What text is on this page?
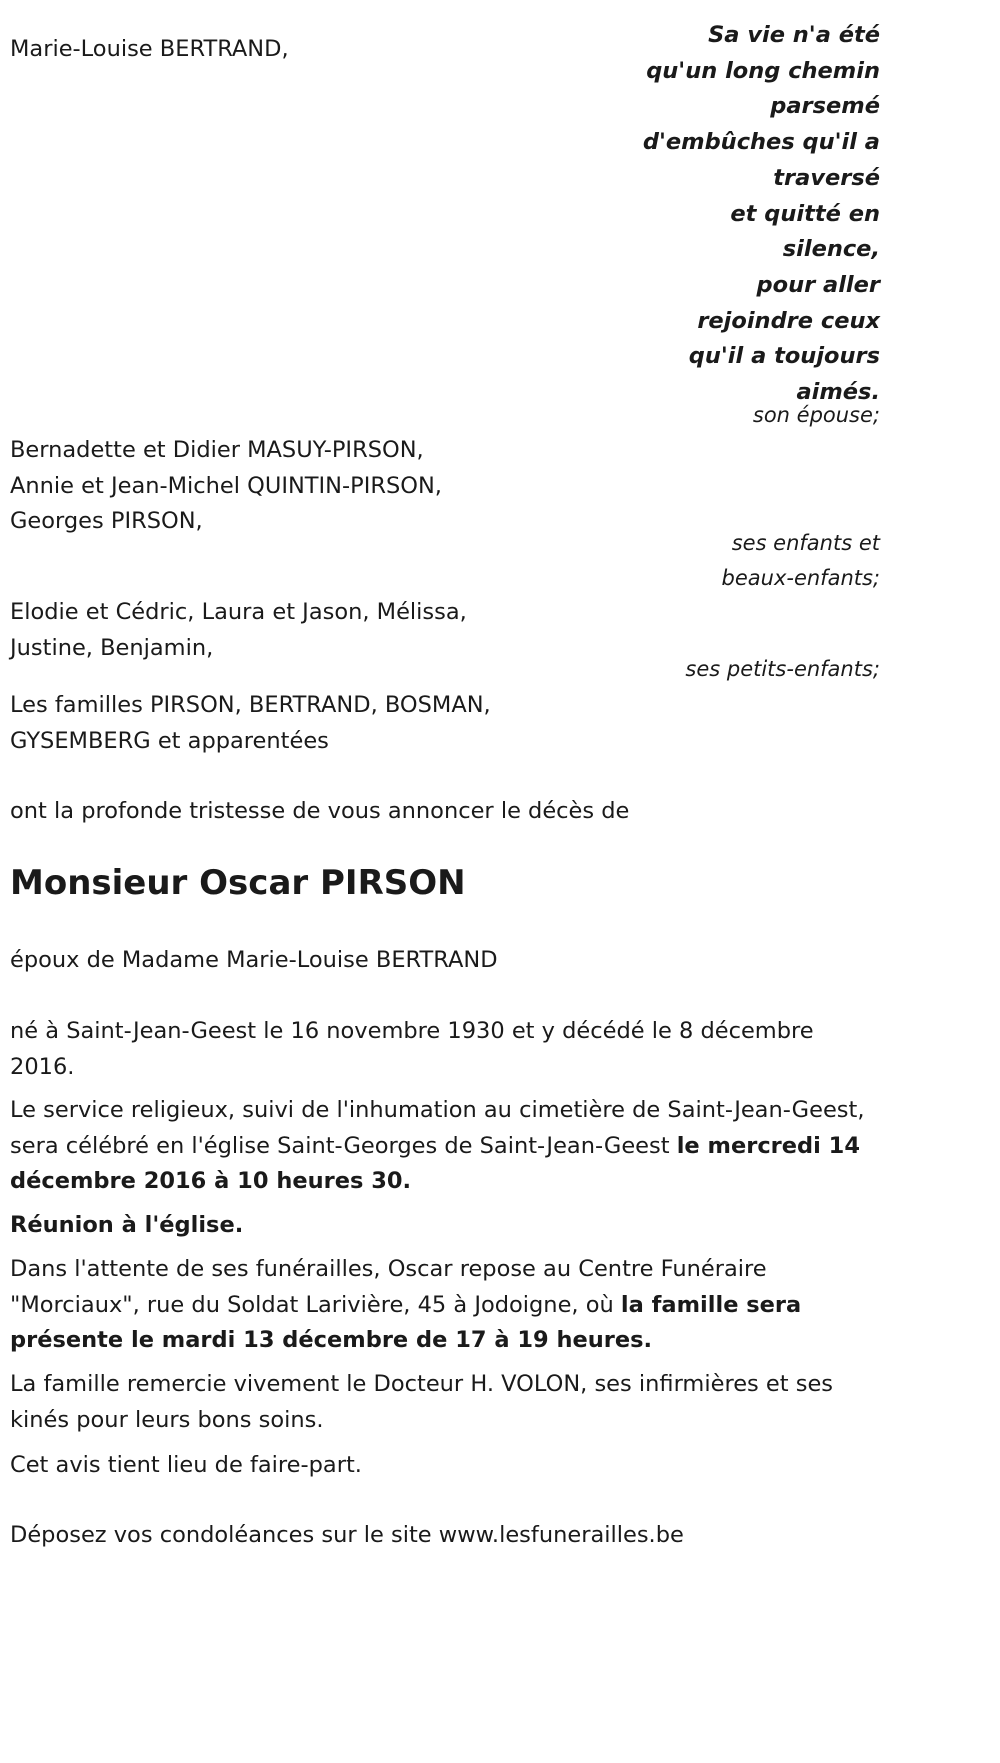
Sa vie n'a été
qu'un long chemin
parsemé
d'embûches qu'il a
traversé
et quitté en
silence,
pour aller
rejoindre ceux
qu'il a toujours
aimés.

Marie-Louise BERTRAND,

son épouse;

Bernadette et Didier MASUY-PIRSON,

Annie et Jean-Michel QUINTIN-PIRSON,

Georges PIRSON,

ses enfants et

beaux-enfants;

Elodie et Cédric, Laura et Jason, Mélissa,

Justine, Benjamin,

ses petits-enfants;

Les familles PIRSON, BERTRAND, BOSMAN,

GYSEMBERG et apparentées

ont la profonde tristesse de vous annoncer le décès de

Monsieur Oscar PIRSON

époux de Madame Marie-Louise BERTRAND

né à Saint-Jean-Geest le 16 novembre 1930 et y décédé le 8 décembre 2016.

Le service religieux, suivi de l'inhumation au cimetière de Saint-Jean-Geest, sera célébré en l'église Saint-Georges de Saint-Jean-Geest le mercredi 14 décembre 2016 à 10 heures 30.

Réunion à l'église.

Dans l'attente de ses funérailles, Oscar repose au Centre Funéraire "Morciaux", rue du Soldat Larivière, 45 à Jodoigne, où la famille sera présente le mardi 13 décembre de 17 à 19 heures.

La famille remercie vivement le Docteur H. VOLON, ses infirmières et ses kinés pour leurs bons soins.

Cet avis tient lieu de faire-part.

Déposez vos condoléances sur le site www.lesfunerailles.be
